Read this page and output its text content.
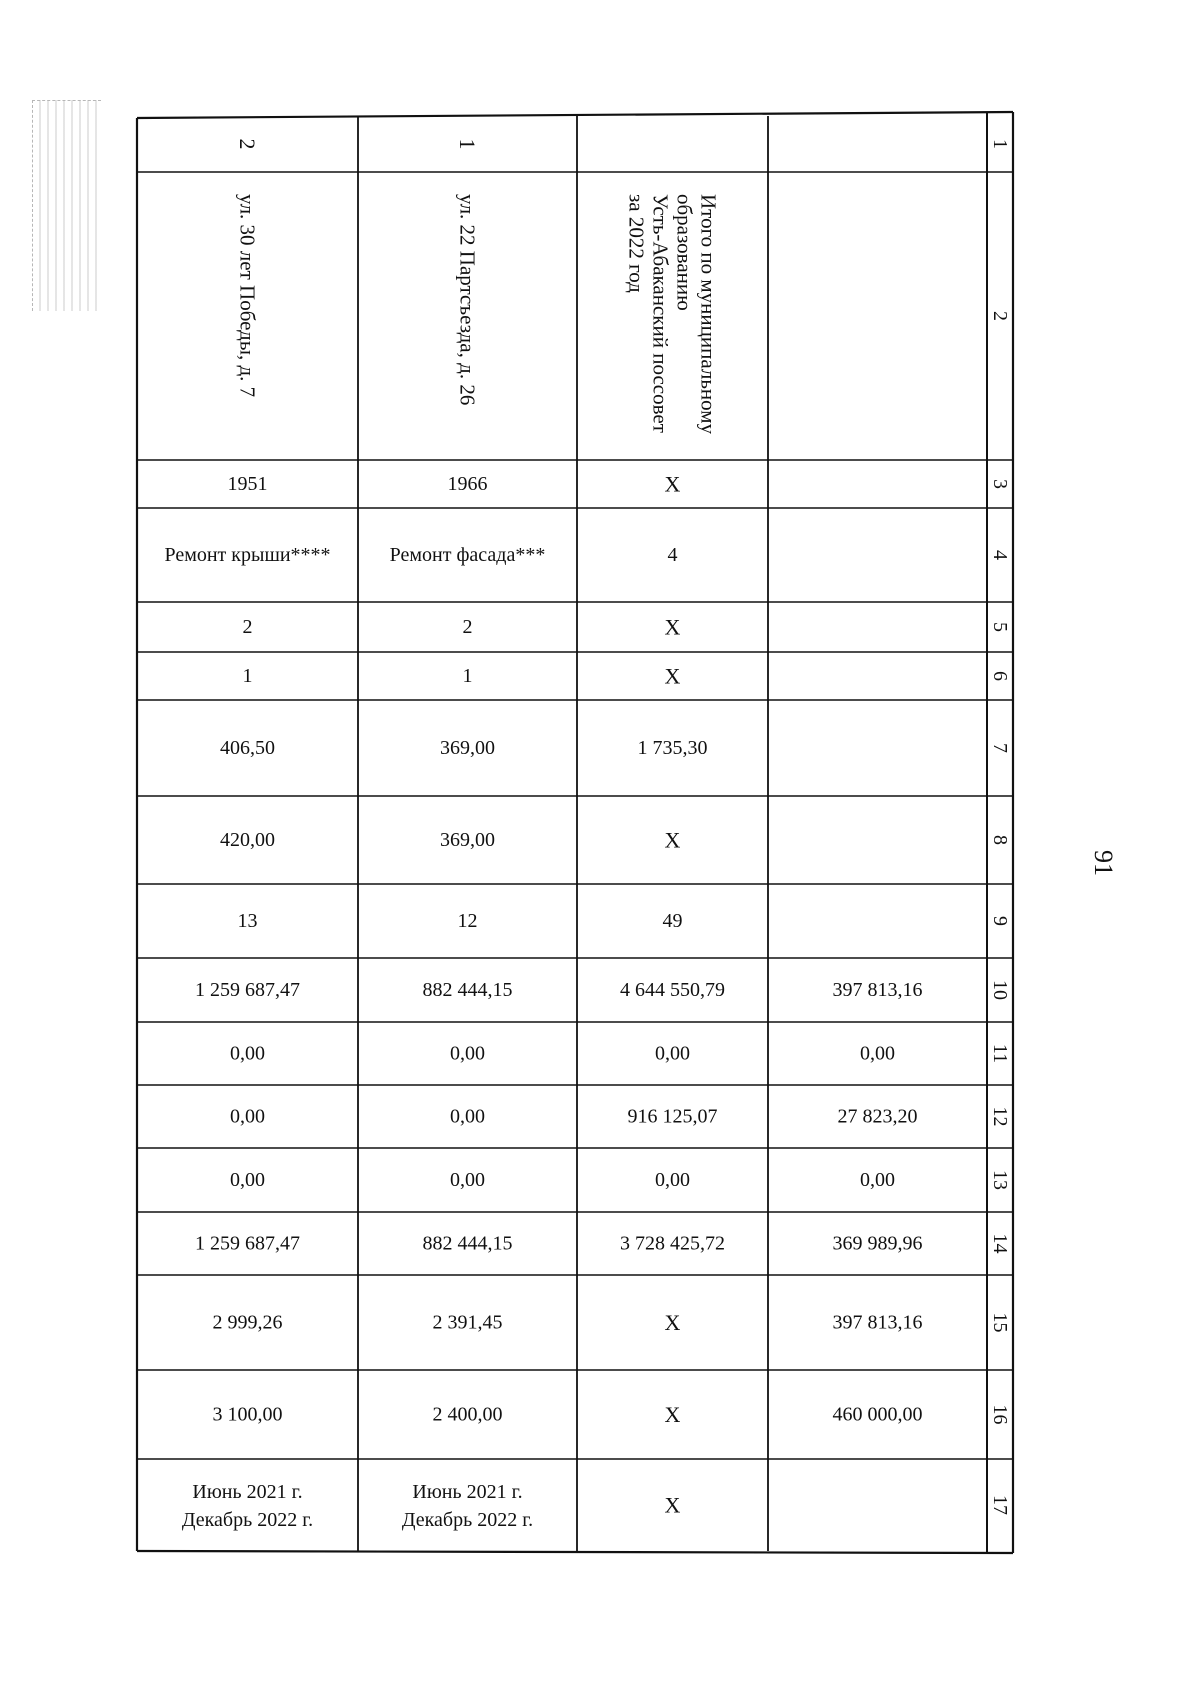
91
1
2
3
4
5
6
7
8
9
10
11
12
13
14
15
16
17
397 813,16
0,00
27 823,20
0,00
369 989,96
397 813,16
460 000,00
Итого по муниципальномуобразованиюУсть-Абаканский поссоветза 2022 год
Х
4
Х
Х
1 735,30
Х
49
4 644 550,79
0,00
916 125,07
0,00
3 728 425,72
Х
Х
Х
1
ул. 22 Партсъезда, д. 26
1966
Ремонт фасада***
2
1
369,00
369,00
12
882 444,15
0,00
0,00
0,00
882 444,15
2 391,45
2 400,00
Июнь 2021 г. Декабрь 2022 г.
2
ул. 30 лет Победы, д. 7
1951
Ремонт крыши****
2
1
406,50
420,00
13
1 259 687,47
0,00
0,00
0,00
1 259 687,47
2 999,26
3 100,00
Июнь 2021 г. Декабрь 2022 г.
